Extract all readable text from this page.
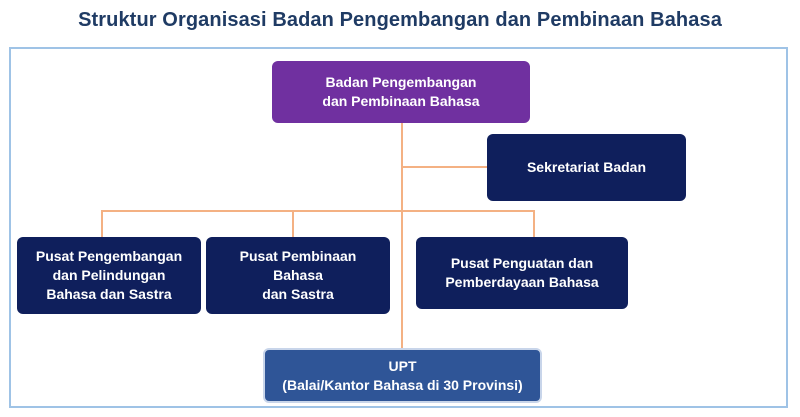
Struktur Organisasi Badan Pengembangan dan Pembinaan Bahasa
Badan Pengembangan
dan Pembinaan Bahasa
Sekretariat Badan
Pusat Pengembangan
dan Pelindungan
Bahasa dan Sastra
Pusat Pembinaan
Bahasa
dan Sastra
Pusat Penguatan dan
Pemberdayaan Bahasa
UPT
(Balai/Kantor Bahasa di 30 Provinsi)
